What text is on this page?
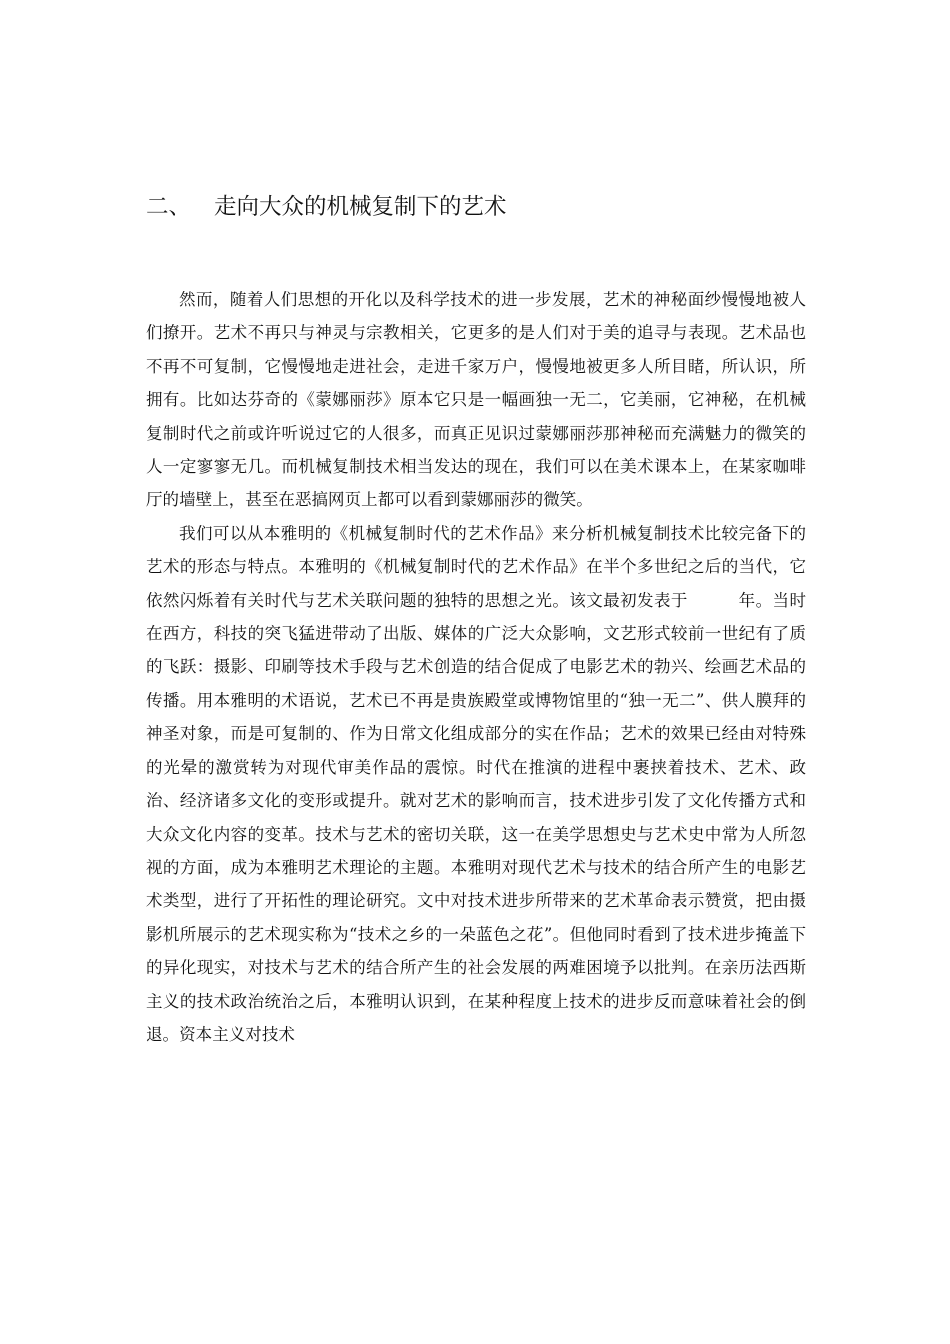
二、 走向大众的机械复制下的艺术

然而，随着人们思想的开化以及科学技术的进一步发展，艺术的神秘面纱慢慢地被人们撩开。艺术不再只与神灵与宗教相关，它更多的是人们对于美的追寻与表现。艺术品也不再不可复制，它慢慢地走进社会，走进千家万户，慢慢地被更多人所目睹，所认识，所拥有。比如达芬奇的《蒙娜丽莎》原本它只是一幅画独一无二，它美丽，它神秘，在机械复制时代之前或许听说过它的人很多，而真正见识过蒙娜丽莎那神秘而充满魅力的微笑的人一定寥寥无几。而机械复制技术相当发达的现在，我们可以在美术课本上，在某家咖啡厅的墙壁上，甚至在恶搞网页上都可以看到蒙娜丽莎的微笑。

我们可以从本雅明的《机械复制时代的艺术作品》来分析机械复制技术比较完备下的艺术的形态与特点。本雅明的《机械复制时代的艺术作品》在半个多世纪之后的当代，它依然闪烁着有关时代与艺术关联问题的独特的思想之光。该文最初发表于　　　年。当时在西方，科技的突飞猛进带动了出版、媒体的广泛大众影响，文艺形式较前一世纪有了质的飞跃：摄影、印刷等技术手段与艺术创造的结合促成了电影艺术的勃兴、绘画艺术品的传播。用本雅明的术语说，艺术已不再是贵族殿堂或博物馆里的“独一无二”、供人膜拜的神圣对象，而是可复制的、作为日常文化组成部分的实在作品；艺术的效果已经由对特殊的光晕的激赏转为对现代审美作品的震惊。时代在推演的进程中裹挟着技术、艺术、政治、经济诸多文化的变形或提升。就对艺术的影响而言，技术进步引发了文化传播方式和大众文化内容的变革。技术与艺术的密切关联，这一在美学思想史与艺术史中常为人所忽视的方面，成为本雅明艺术理论的主题。本雅明对现代艺术与技术的结合所产生的电影艺术类型，进行了开拓性的理论研究。文中对技术进步所带来的艺术革命表示赞赏，把由摄影机所展示的艺术现实称为“技术之乡的一朵蓝色之花”。但他同时看到了技术进步掩盖下的异化现实，对技术与艺术的结合所产生的社会发展的两难困境予以批判。在亲历法西斯主义的技术政治统治之后，本雅明认识到，在某种程度上技术的进步反而意味着社会的倒退。资本主义对技术
